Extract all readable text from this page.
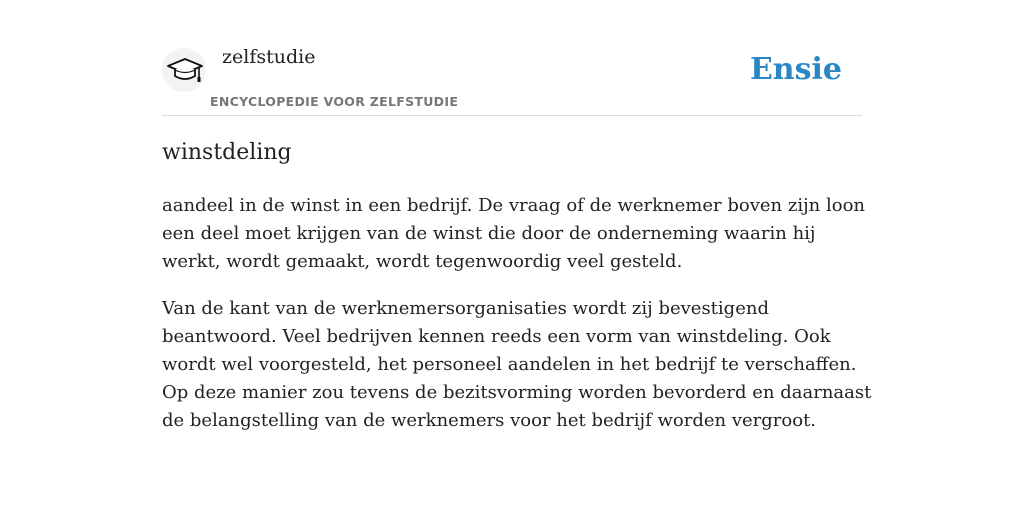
zelfstudie
ENCYCLOPEDIE VOOR ZELFSTUDIE
Ensie
winstdeling

aandeel in de winst in een bedrijf. De vraag of de werknemer boven zijn loon een deel moet krijgen van de winst die door de onderneming waarin hij werkt, wordt gemaakt, wordt tegenwoordig veel gesteld.

Van de kant van de werknemersorganisaties wordt zij bevestigend beantwoord. Veel bedrijven kennen reeds een vorm van winstdeling. Ook wordt wel voorgesteld, het personeel aandelen in het bedrijf te verschaffen. Op deze manier zou tevens de bezitsvorming worden bevorderd en daarnaast de belangstelling van de werknemers voor het bedrijf worden vergroot.
